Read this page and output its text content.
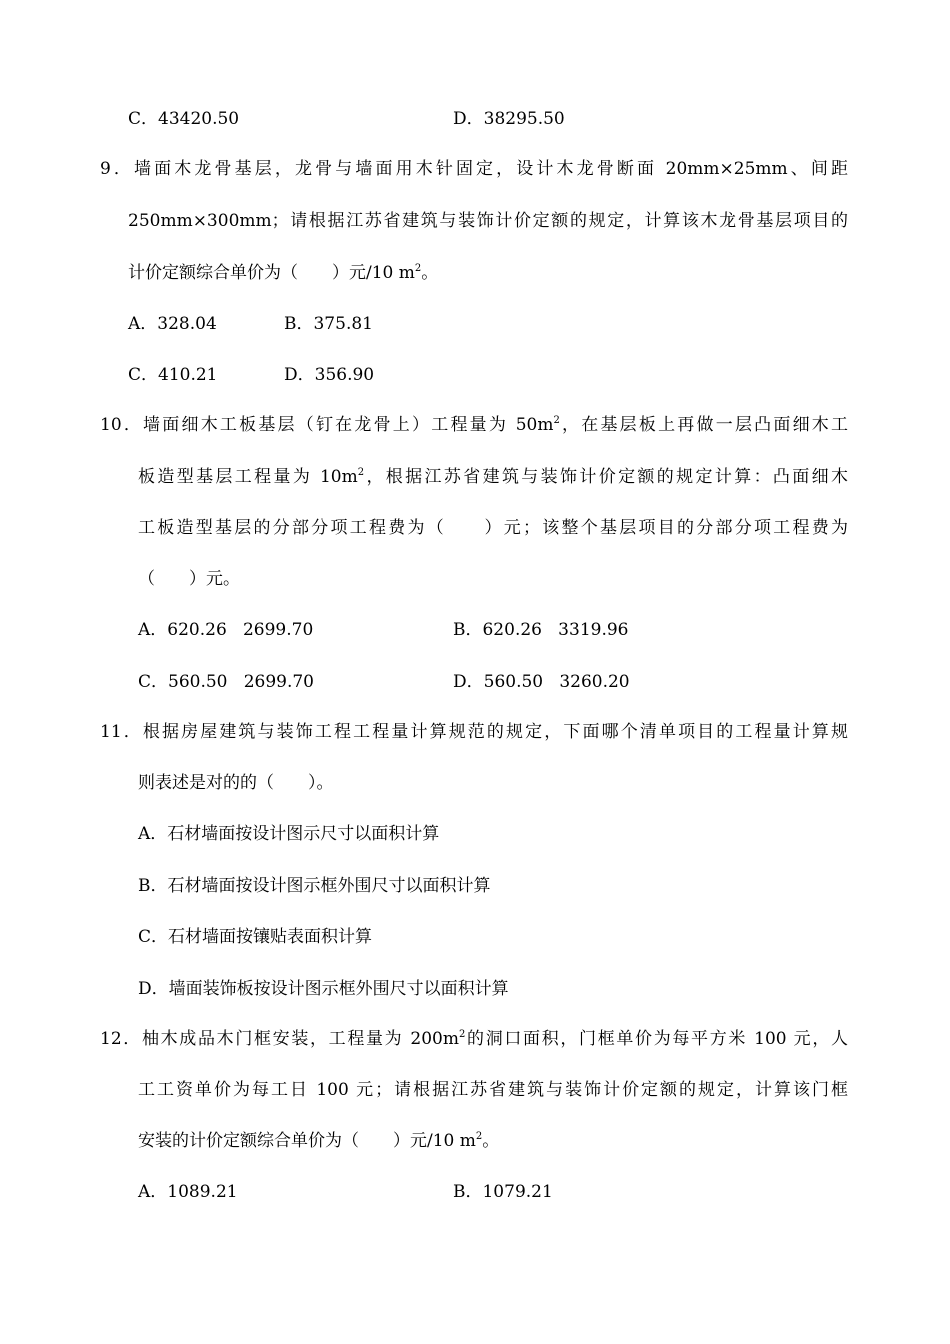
C．43420.50	D．38295.50
9．墙面木龙骨基层，龙骨与墙面用木针固定，设计木龙骨断面 20mm×25mm、间距
250mm×300mm；请根据江苏省建筑与装饰计价定额的规定，计算该木龙骨基层项目的
计价定额综合单价为（　　）元/10 $m^2$。
A．328.04	B．375.81
C．410.21	D．356.90
10．墙面细木工板基层（钉在龙骨上）工程量为 $50m^2$，在基层板上再做一层凸面细木工
板造型基层工程量为 $10m^2$，根据江苏省建筑与装饰计价定额的规定计算：凸面细木
工板造型基层的分部分项工程费为（　　）元；该整个基层项目的分部分项工程费为
（　　）元。
A．620.26   2699.70	B．620.26   3319.96
C．560.50   2699.70	D．560.50   3260.20
11．根据房屋建筑与装饰工程工程量计算规范的规定，下面哪个清单项目的工程量计算规
则表述是对的的（　　）。
A．石材墙面按设计图示尺寸以面积计算
B．石材墙面按设计图示框外围尺寸以面积计算
C．石材墙面按镶贴表面积计算
D．墙面装饰板按设计图示框外围尺寸以面积计算
12．柚木成品木门框安装，工程量为 $200m^2$的洞口面积，门框单价为每平方米 100 元，人
工工资单价为每工日 100 元；请根据江苏省建筑与装饰计价定额的规定，计算该门框
安装的计价定额综合单价为（　　）元/10 $m^2$。
A．1089.21	B．1079.21
